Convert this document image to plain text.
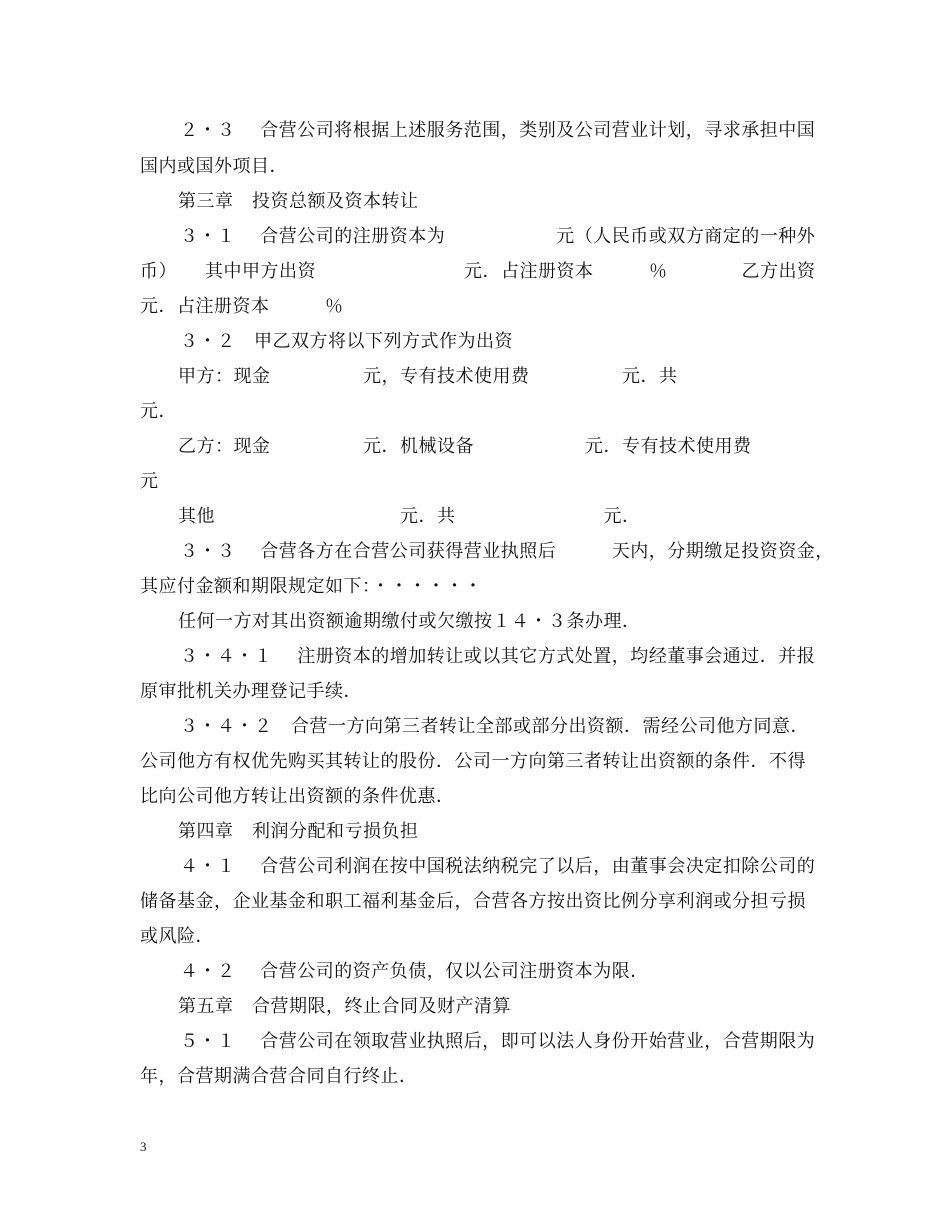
２・３　 合营公司将根据上述服务范围，类别及公司营业计划，寻求承担中国
国内或国外项目．
第三章　投资总额及资本转让
３・１　 合营公司的注册资本为　　　　　　元（人民币或双方商定的一种外
币）　　其中甲方出资　　　　　　　　元．占注册资本　　　％　　　　乙方出资
元．占注册资本　　　％
３・２　甲乙双方将以下列方式作为出资
甲方：现金　　　　　元，专有技术使用费　　　　　元．共
元．
乙方：现金　　　　　元．机械设备　　　　　　元．专有技术使用费
元
其他　　　　　　　　　　元．共　　　　　　　　元．
３・３　 合营各方在合营公司获得营业执照后　　　天内，分期缴足投资资金，
其应付金额和期限规定如下：・・・・・・
任何一方对其出资额逾期缴付或欠缴按１４・３条办理．
３・４・１　 注册资本的增加转让或以其它方式处置，均经董事会通过．并报
原审批机关办理登记手续．
３・４・２　合营一方向第三者转让全部或部分出资额．需经公司他方同意．
公司他方有权优先购买其转让的股份．公司一方向第三者转让出资额的条件．不得
比向公司他方转让出资额的条件优惠．
第四章　利润分配和亏损负担
４・１　 合营公司利润在按中国税法纳税完了以后，由董事会决定扣除公司的
储备基金，企业基金和职工福利基金后，合营各方按出资比例分享利润或分担亏损
或风险．
４・２　 合营公司的资产负债，仅以公司注册资本为限．
第五章　合营期限，终止合同及财产清算
５・１　 合营公司在领取营业执照后，即可以法人身份开始营业，合营期限为
年，合营期满合营合同自行终止．
3
